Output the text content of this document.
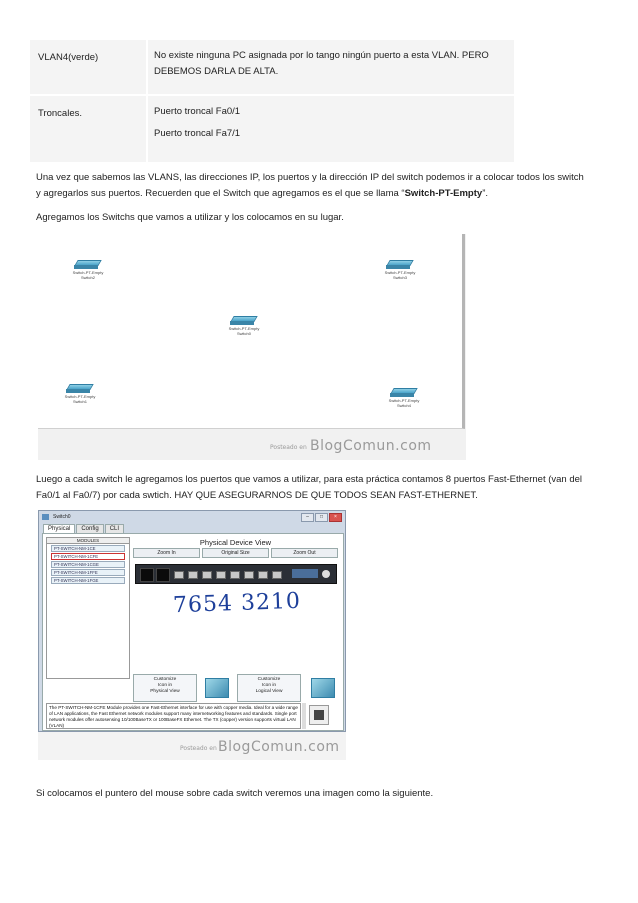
VLAN4(verde)	No existe ninguna PC asignada por lo tango ningún puerto a esta VLAN. PERO
DEBEMOS DARLA DE ALTA.
Troncales.	Puerto troncal Fa0/1
Puerto troncal Fa7/1
Una vez que sabemos las VLANS, las direcciones IP, los puertos y la dirección IP del switch podemos ir a colocar todos los switch
y agregarlos sus puertos. Recuerden que el Switch que agregamos es el que se llama “Switch-PT-Empty”.
Agregamos los Switchs que vamos a utilizar y los colocamos en su lugar.
Switch-PT-Empty
Switch2
Switch-PT-Empty
Switch3
Switch-PT-Empty
Switch0
Switch-PT-Empty
Switch1	Switch-PT-Empty
Switch4
Posteado en BlogComun.com
Luego a cada switch le agregamos los puertos que vamos a utilizar, para esta práctica contamos 8 puertos Fast-Ethernet (van del
Fa0/1 al Fa0/7) por cada swtich. HAY QUE ASEGURARNOS DE QUE TODOS SEAN FAST-ETHERNET.
Switch0	–	□	×
Physical	Config	CLI
MODULES
PT-SWITCH-NM-1CE
PT-SWITCH-NM-1CFE
PT-SWITCH-NM-1CGE
PT-SWITCH-NM-1FFE
PT-SWITCH-NM-1FGE
Physical Device View
Zoom In	Original Size	Zoom Out
7654 3210
Customize
Icon in
Physical View
Customize
Icon in
Logical View
The PT-SWITCH-NM-1CFE Module provides one Fast-Ethernet interface for use with copper media. Ideal for a wide range of LAN applications, the Fast Ethernet network modules support many internetworking features and standards. Single port network modules offer autosensing 10/100BaseTX or 100BaseFX Ethernet. The TX (copper) version supports virtual LAN (VLAN)
Posteado en BlogComun.com
Si colocamos el puntero del mouse sobre cada switch veremos una imagen como la siguiente.
